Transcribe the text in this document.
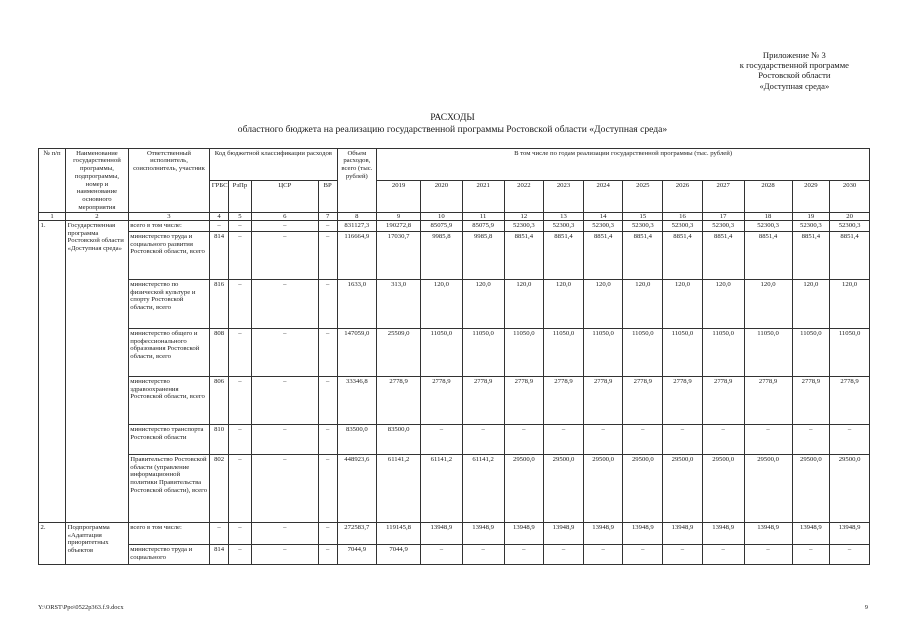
Приложение № 3
к государственной программе
Ростовской области
«Доступная среда»
РАСХОДЫ
областного бюджета на реализацию государственной программы Ростовской области «Доступная среда»
№ п/п	Наименование государственной программы, подпрограммы, номер и наименование основного мероприятия	Ответственный исполнитель, соисполнитель, участник	Код бюджетной классификации расходов				Объем расходов, всего (тыс. рублей)	В том числе по годам реализации государственной программы (тыс. рублей)											
			ГРБС	РзПр	ЦСР	ВР		2019	2020	2021	2022	2023	2024	2025	2026	2027	2028	2029	2030
1	2	3	4	5	6	7	8	9	10	11	12	13	14	15	16	17	18	19	20
1.	Государственная программа Ростовской области «Доступная среда»	всего в том числе:	–	–	–	–	831127,3	190272,8	85075,9	85075,9	52300,3	52300,3	52300,3	52300,3	52300,3	52300,3	52300,3	52300,3	52300,3
		министерство труда и социального развития Ростовской области, всего	814	–	–	–	116664,9	17030,7	9985,8	9985,8	8851,4	8851,4	8851,4	8851,4	8851,4	8851,4	8851,4	8851,4	8851,4
		министерство по физической культуре и спорту Ростовской области, всего	816	–	–	–	1633,0	313,0	120,0	120,0	120,0	120,0	120,0	120,0	120,0	120,0	120,0	120,0	120,0
		министерство общего и профессионального образования Ростовской области, всего	808	–	–	–	147059,0	25509,0	11050,0	11050,0	11050,0	11050,0	11050,0	11050,0	11050,0	11050,0	11050,0	11050,0	11050,0
		министерство здравоохранения Ростовской области, всего	806	–	–	–	33346,8	2778,9	2778,9	2778,9	2778,9	2778,9	2778,9	2778,9	2778,9	2778,9	2778,9	2778,9	2778,9
		министерство транспорта Ростовской области	810	–	–	–	83500,0	83500,0	–	–	–	–	–	–	–	–	–	–	–
		Правительство Ростовской области (управление информационной политики Правительства Ростовской области), всего	802	–	–	–	448923,6	61141,2	61141,2	61141,2	29500,0	29500,0	29500,0	29500,0	29500,0	29500,0	29500,0	29500,0	29500,0
2.	Подпрограмма «Адаптация приоритетных объектов	всего в том числе:	–	–	–	–	272583,7	119145,8	13948,9	13948,9	13948,9	13948,9	13948,9	13948,9	13948,9	13948,9	13948,9	13948,9	13948,9
		министерство труда и социального	814	–	–	–	7044,9	7044,9	–	–	–	–	–	–	–	–	–	–	–
Y:\ORST\Ppo\0522p363.f.9.docx	9
